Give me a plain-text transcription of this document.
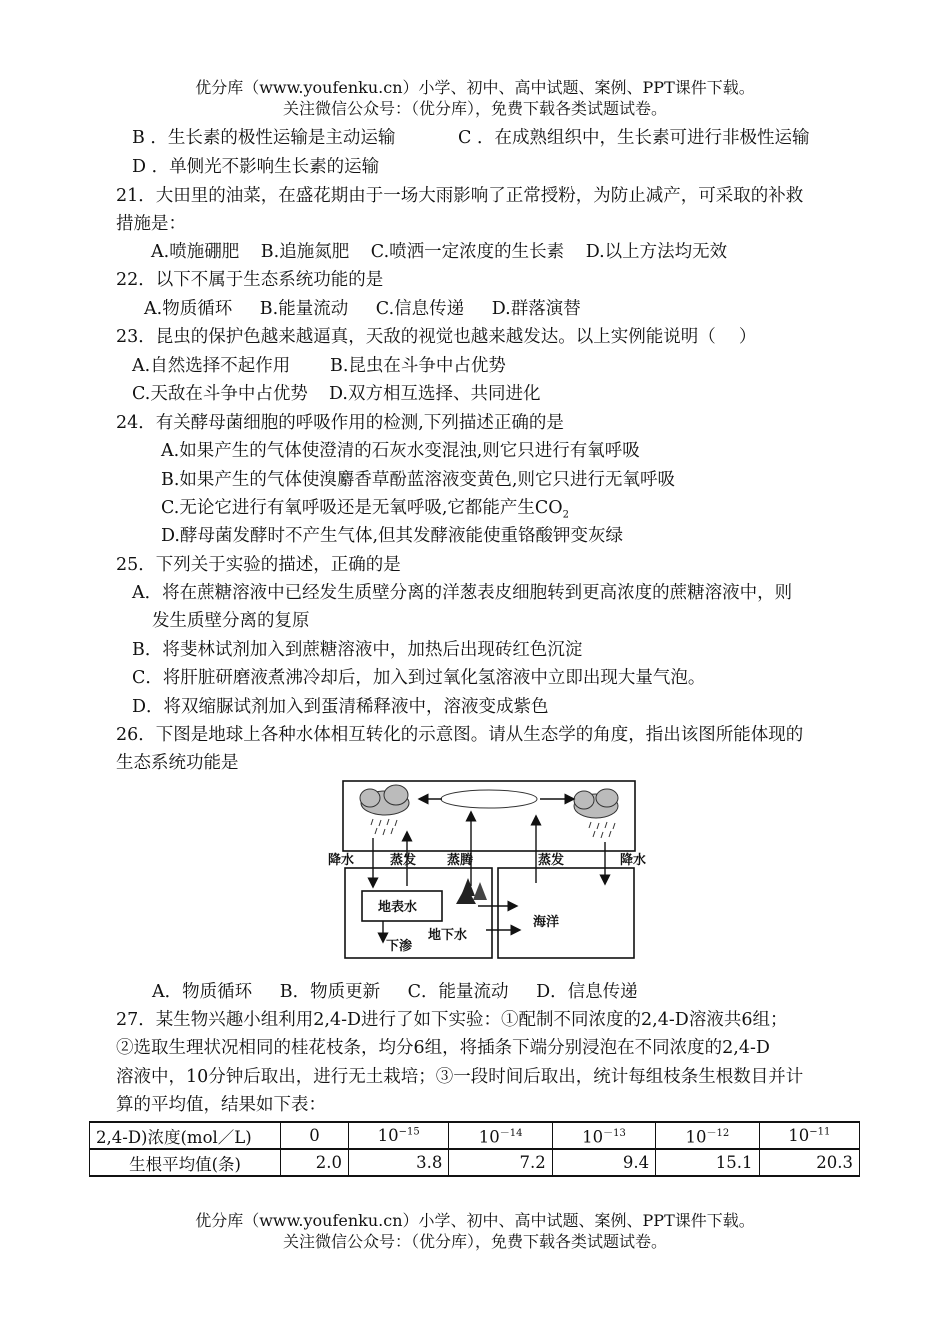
优分库（www.youfenku.cn）小学、初中、高中试题、案例、PPT课件下载。
关注微信公众号：（优分库），免费下载各类试题试卷。
B ．生长素的极性运输是主动运输	C ．在成熟组织中，生长素可进行非极性运输
D ．单侧光不影响生长素的运输
21．大田里的油菜，在盛花期由于一场大雨影响了正常授粉，为防止减产，可采取的补救
措施是：
A.喷施硼肥 B.追施氮肥 C.喷洒一定浓度的生长素 D.以上方法均无效
22．以下不属于生态系统功能的是
A.物质循环 B.能量流动 C.信息传递 D.群落演替
23．昆虫的保护色越来越逼真，天敌的视觉也越来越发达。以上实例能说明（　 ）
A.自然选择不起作用 B.昆虫在斗争中占优势
C.天敌在斗争中占优势 D.双方相互选择、共同进化
24．有关酵母菌细胞的呼吸作用的检测,下列描述正确的是
A.如果产生的气体使澄清的石灰水变混浊,则它只进行有氧呼吸
B.如果产生的气体使溴麝香草酚蓝溶液变黄色,则它只进行无氧呼吸
C.无论它进行有氧呼吸还是无氧呼吸,它都能产生$CO_2$
D.酵母菌发酵时不产生气体,但其发酵液能使重铬酸钾变灰绿
25．下列关于实验的描述，正确的是
A．将在蔗糖溶液中已经发生质壁分离的洋葱表皮细胞转到更高浓度的蔗糖溶液中，则
发生质壁分离的复原
B．将斐林试剂加入到蔗糖溶液中，加热后出现砖红色沉淀
C．将肝脏研磨液煮沸冷却后，加入到过氧化氢溶液中立即出现大量气泡。
D．将双缩脲试剂加入到蛋清稀释液中，溶液变成紫色
26．下图是地球上各种水体相互转化的示意图。请从生态学的角度，指出该图所能体现的
生态系统功能是
降水	蒸发 蒸腾	蒸发	降水
地表水
下渗
地下水
海洋
A．物质循环 B．物质更新 C．能量流动 D．信息传递
27．某生物兴趣小组利用2,4-D进行了如下实验：①配制不同浓度的2,4-D溶液共6组；
②选取生理状况相同的桂花枝条，均分6组，将插条下端分别浸泡在不同浓度的2,4-D
溶液中，10分钟后取出，进行无土栽培；③一段时间后取出，统计每组枝条生根数目并计
算的平均值，结果如下表：
2,4-D)浓度(mol／L)	0	$10^{-15}$	$10^{-14}$	$10^{-13}$	$10^{-12}$	$10^{-11}$
生根平均值(条)	2.0	3.8	7.2	9.4	15.1	20.3
优分库（www.youfenku.cn）小学、初中、高中试题、案例、PPT课件下载。
关注微信公众号：（优分库），免费下载各类试题试卷。
